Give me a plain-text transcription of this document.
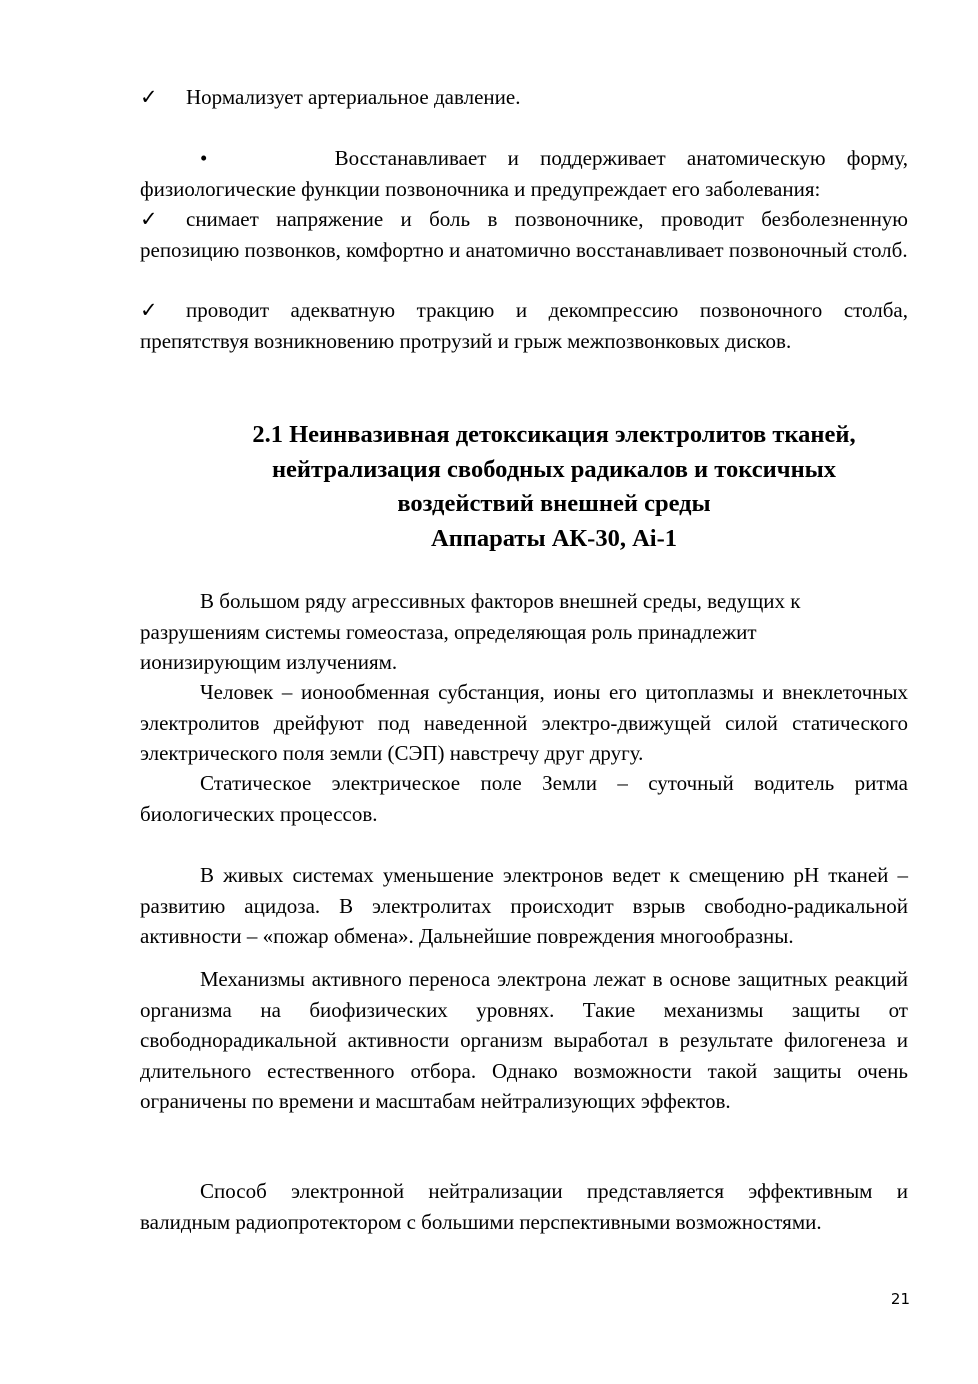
✓ Нормализует артериальное давление.
•	Восстанавливает и поддерживает анатомическую форму, физиологические функции позвоночника и предупреждает его заболевания:
✓ снимает напряжение и боль в позвоночнике, проводит безболезненную репозицию позвонков, комфортно и анатомично восстанавливает позвоночный столб.
✓ проводит адекватную тракцию и декомпрессию позвоночного столба, препятствуя возникновению протрузий и грыж межпозвонковых дисков.
2.1 Неинвазивная детоксикация электролитов тканей,
нейтрализация свободных радикалов и токсичных
воздействий внешней среды
Аппараты АК-30, Ai-1
В большом ряду агрессивных факторов внешней среды, ведущих к
разрушениям системы гомеостаза, определяющая роль принадлежит
ионизирующим излучениям.
Человек – ионообменная субстанция, ионы его цитоплазмы и внеклеточных электролитов дрейфуют под наведенной электро-движущей силой статического электрического поля земли (СЭП) навстречу друг другу.
Статическое электрическое поле Земли – суточный водитель ритма биологических процессов.
В живых системах уменьшение электронов ведет к смещению pH тканей – развитию ацидоза. В электролитах происходит взрыв свободно-радикальной активности – «пожар обмена». Дальнейшие повреждения многообразны.
Механизмы активного переноса электрона лежат в основе защитных реакций организма на биофизических уровнях. Такие механизмы защиты от свободнорадикальной активности организм выработал в результате филогенеза и длительного естественного отбора. Однако возможности такой защиты очень ограничены по времени и масштабам нейтрализующих эффектов.
Способ электронной нейтрализации представляется эффективным и валидным радиопротектором с большими перспективными возможностями.
21
